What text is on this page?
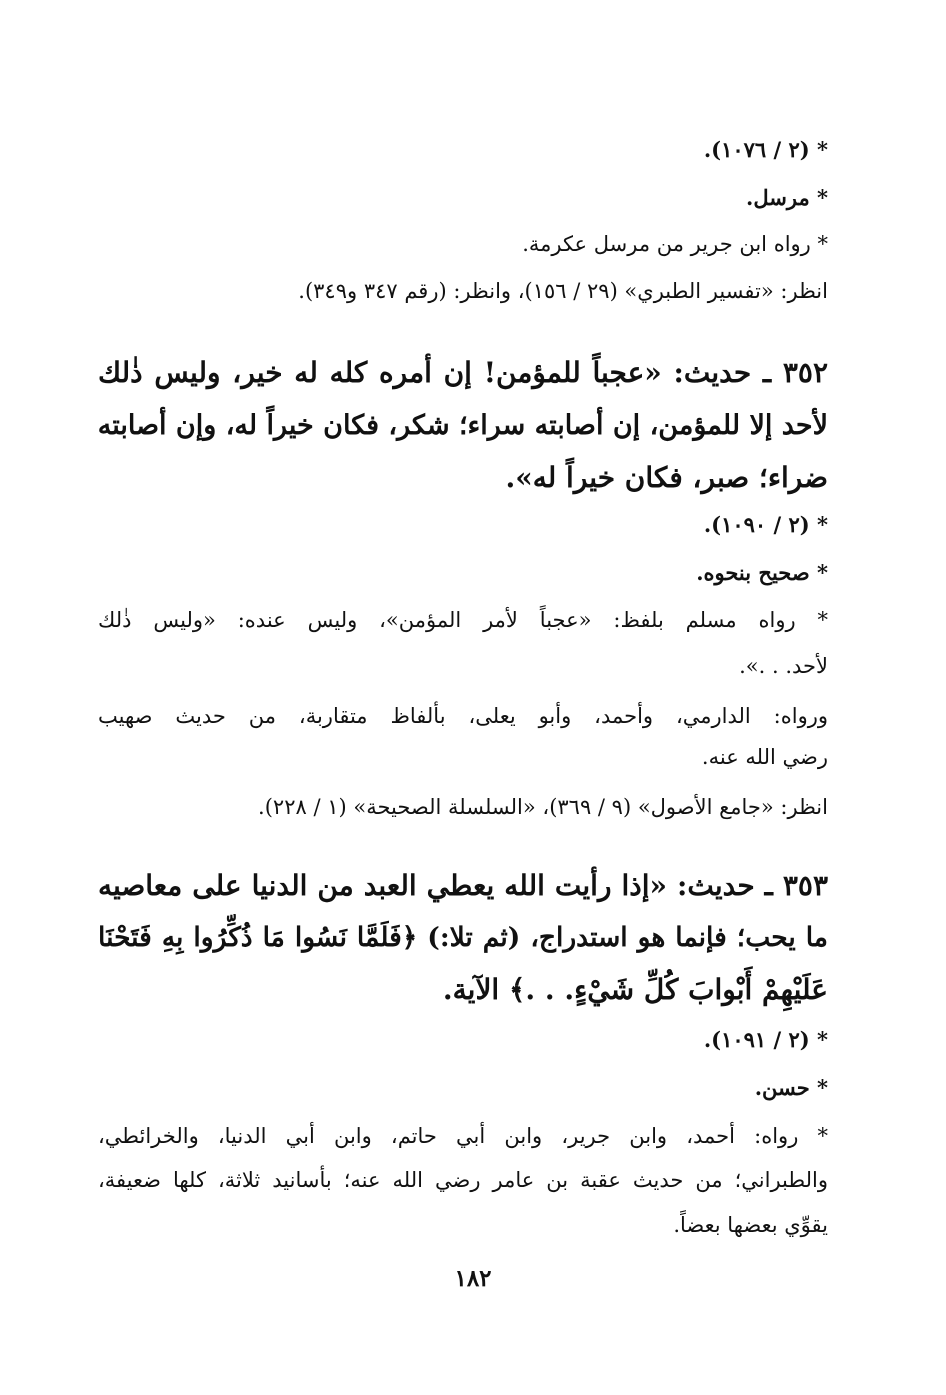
* (٢ / ١٠٧٦).
* مرسل.
* رواه ابن جرير من مرسل عكرمة.
انظر: «تفسير الطبري» (٢٩ / ١٥٦)، وانظر: (رقم ٣٤٧ و٣٤٩).
٣٥٢ ـ حديث: «عجباً للمؤمن! إن أمره كله له خير، وليس ذٰلك
لأحد إلا للمؤمن، إن أصابته سراء؛ شكر، فكان خيراً له، وإن أصابته
ضراء؛ صبر، فكان خيراً له».
* (٢ / ١٠٩٠).
* صحيح بنحوه.
* رواه مسلم بلفظ: «عجباً لأمر المؤمن»، وليس عنده: «وليس ذٰلك
لأحد. . .».
ورواه: الدارمي، وأحمد، وأبو يعلى، بألفاظ متقاربة، من حديث صهيب
رضي الله عنه.
انظر: «جامع الأصول» (٩ / ٣٦٩)، «السلسلة الصحيحة» (١ / ٢٢٨).
٣٥٣ ـ حديث: «إذا رأيت الله يعطي العبد من الدنيا على معاصيه
ما يحب؛ فإنما هو استدراج، (ثم تلا:) ﴿فَلَمَّا نَسُوا مَا ذُكِّرُوا بِهِ فَتَحْنَا
عَلَيْهِمْ أَبْوابَ كُلِّ شَيْءٍ. . .﴾ الآية.
* (٢ / ١٠٩١).
* حسن.
* رواه: أحمد، وابن جرير، وابن أبي حاتم، وابن أبي الدنيا، والخرائطي،
والطبراني؛ من حديث عقبة بن عامر رضي الله عنه؛ بأسانيد ثلاثة، كلها ضعيفة،
يقوِّي بعضها بعضاً.
١٨٢
